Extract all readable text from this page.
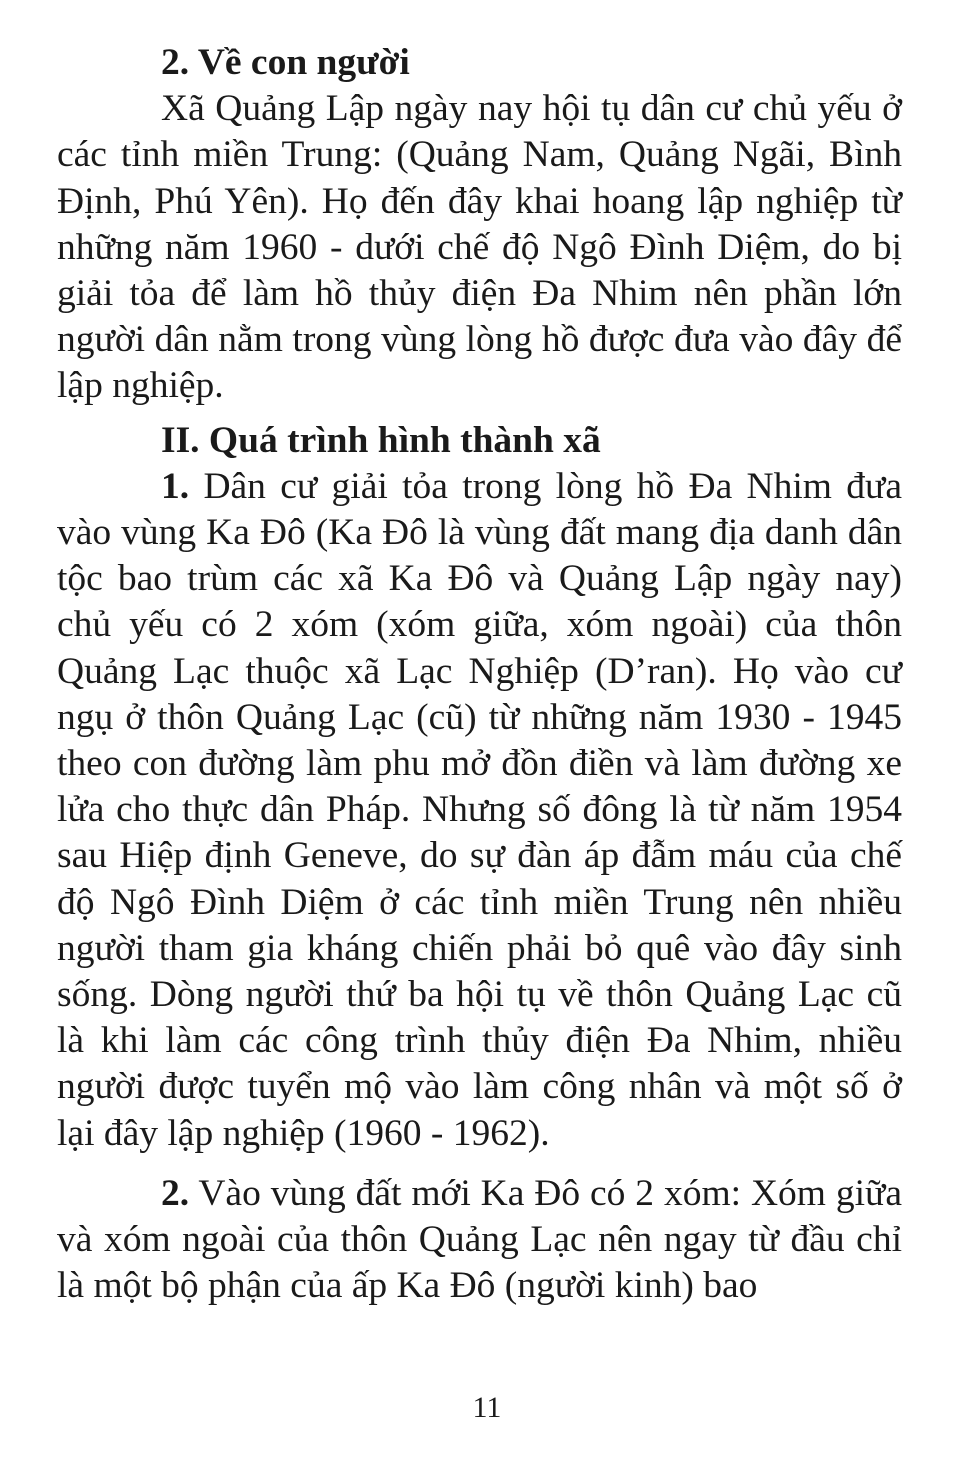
2. Về con người

Xã Quảng Lập ngày nay hội tụ dân cư chủ yếu ở các tỉnh miền Trung: (Quảng Nam, Quảng Ngãi, Bình Định, Phú Yên). Họ đến đây khai hoang lập nghiệp từ những năm 1960 - dưới chế độ Ngô Đình Diệm, do bị giải tỏa để làm hồ thủy điện Đa Nhim nên phần lớn người dân nằm trong vùng lòng hồ được đưa vào đây để lập nghiệp.

II. Quá trình hình thành xã

1. Dân cư giải tỏa trong lòng hồ Đa Nhim đưa vào vùng Ka Đô (Ka Đô là vùng đất mang địa danh dân tộc bao trùm các xã Ka Đô và Quảng Lập ngày nay) chủ yếu có 2 xóm (xóm giữa, xóm ngoài) của thôn Quảng Lạc thuộc xã Lạc Nghiệp (D’ran). Họ vào cư ngụ ở thôn Quảng Lạc (cũ) từ những năm 1930 - 1945 theo con đường làm phu mở đồn điền và làm đường xe lửa cho thực dân Pháp. Nhưng số đông là từ năm 1954 sau Hiệp định Geneve, do sự đàn áp đẫm máu của chế độ Ngô Đình Diệm ở các tỉnh miền Trung nên nhiều người tham gia kháng chiến phải bỏ quê vào đây sinh sống. Dòng người thứ ba hội tụ về thôn Quảng Lạc cũ là khi làm các công trình thủy điện Đa Nhim, nhiều người được tuyển mộ vào làm công nhân và một số ở lại đây lập nghiệp (1960 - 1962).

2. Vào vùng đất mới Ka Đô có 2 xóm: Xóm giữa và xóm ngoài của thôn Quảng Lạc nên ngay từ đầu chỉ là một bộ phận của ấp Ka Đô (người kinh) bao

11
